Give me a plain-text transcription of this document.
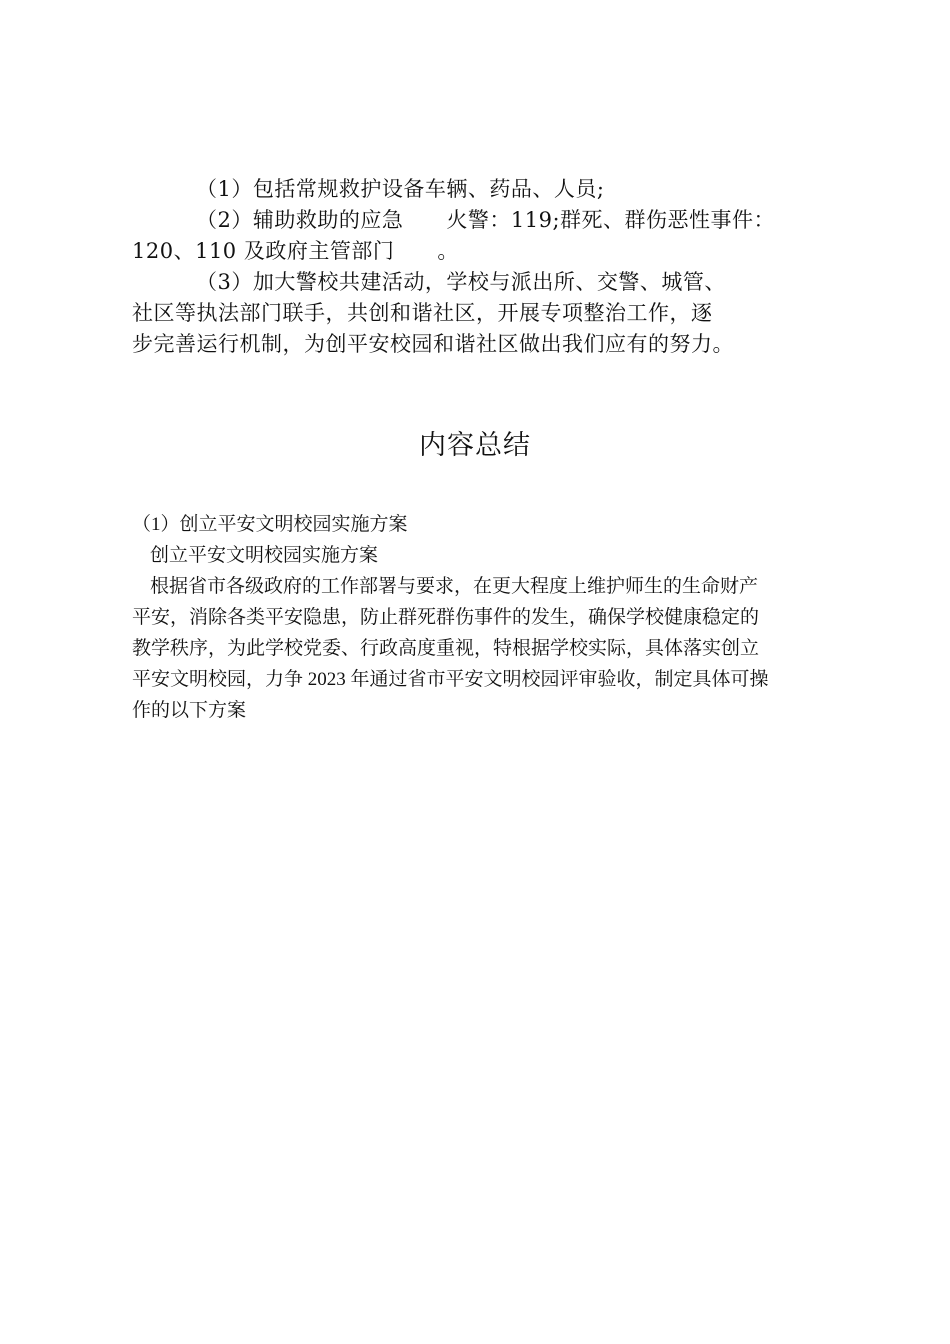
（1）包括常规救护设备车辆、药品、人员;

（2）辅助救助的应急　　火警：119;群死、群伤恶性事件：

120、110 及政府主管部门　　。

（3）加大警校共建活动，学校与派出所、交警、城管、

社区等执法部门联手，共创和谐社区，开展专项整治工作，逐

步完善运行机制，为创平安校园和谐社区做出我们应有的努力。

内容总结

（1）创立平安文明校园实施方案

创立平安文明校园实施方案

根据省市各级政府的工作部署与要求，在更大程度上维护师生的生命财产

平安，消除各类平安隐患，防止群死群伤事件的发生，确保学校健康稳定的

教学秩序，为此学校党委、行政高度重视，特根据学校实际，具体落实创立

平安文明校园，力争 2023 年通过省市平安文明校园评审验收，制定具体可操

作的以下方案
